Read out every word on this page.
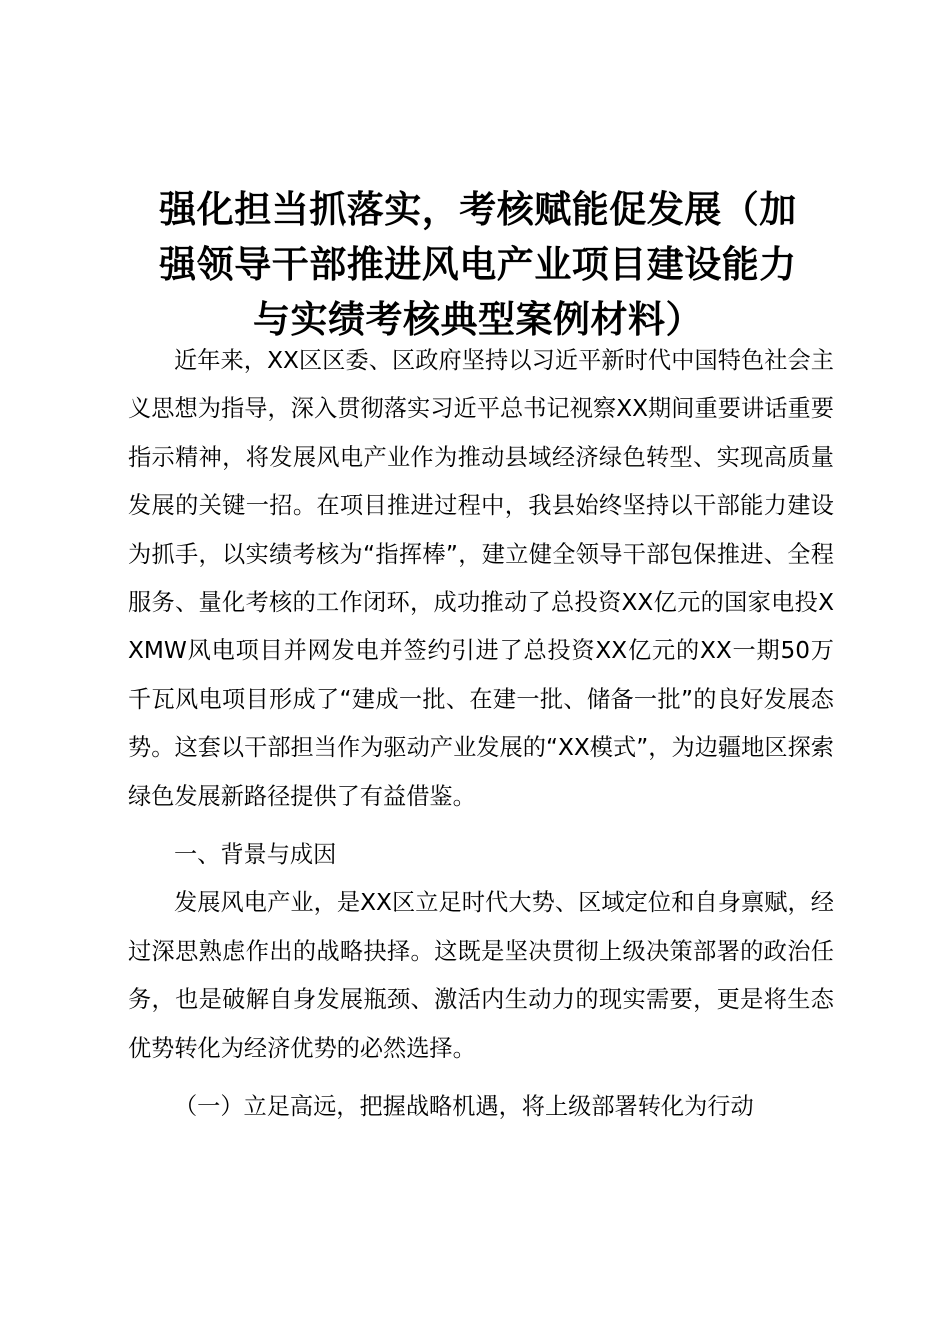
强化担当抓落实，考核赋能促发展（加
强领导干部推进风电产业项目建设能力
与实绩考核典型案例材料）

近年来，XX区区委、区政府坚持以习近平新时代中国特色社会主义思想为指导，深入贯彻落实习近平总书记视察XX期间重要讲话重要指示精神，将发展风电产业作为推动县域经济绿色转型、实现高质量发展的关键一招。在项目推进过程中，我县始终坚持以干部能力建设为抓手，以实绩考核为“指挥棒”，建立健全领导干部包保推进、全程服务、量化考核的工作闭环，成功推动了总投资XX亿元的国家电投XXMW风电项目并网发电并签约引进了总投资XX亿元的XX一期50万千瓦风电项目形成了“建成一批、在建一批、储备一批”的良好发展态势。这套以干部担当作为驱动产业发展的“XX模式”，为边疆地区探索绿色发展新路径提供了有益借鉴。

一、背景与成因

发展风电产业，是XX区立足时代大势、区域定位和自身禀赋，经过深思熟虑作出的战略抉择。这既是坚决贯彻上级决策部署的政治任务，也是破解自身发展瓶颈、激活内生动力的现实需要，更是将生态优势转化为经济优势的必然选择。

（一）立足高远，把握战略机遇，将上级部署转化为行动
